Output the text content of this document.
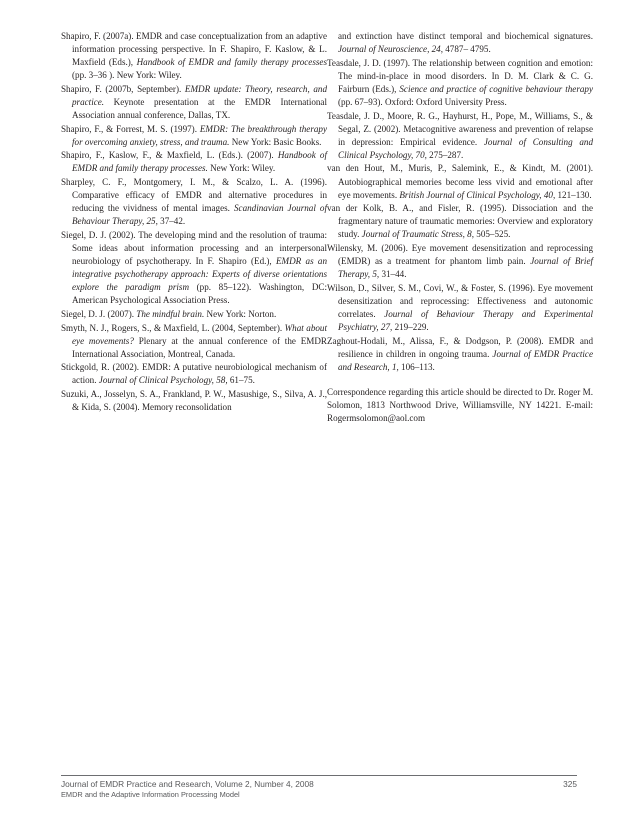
Shapiro, F. (2007a). EMDR and case conceptualization from an adaptive information processing perspective. In F. Shapiro, F. Kaslow, & L. Maxfield (Eds.), Handbook of EMDR and family therapy processes (pp. 3–36 ). New York: Wiley.

Shapiro, F. (2007b, September). EMDR update: Theory, research, and practice. Keynote presentation at the EMDR International Association annual conference, Dallas, TX.

Shapiro, F., & Forrest, M. S. (1997). EMDR: The breakthrough therapy for overcoming anxiety, stress, and trauma. New York: Basic Books.

Shapiro, F., Kaslow, F., & Maxfield, L. (Eds.). (2007). Handbook of EMDR and family therapy processes. New York: Wiley.

Sharpley, C. F., Montgomery, I. M., & Scalzo, L. A. (1996). Comparative efficacy of EMDR and alternative procedures in reducing the vividness of mental images. Scandinavian Journal of Behaviour Therapy, 25, 37–42.

Siegel, D. J. (2002). The developing mind and the resolution of trauma: Some ideas about information processing and an interpersonal neurobiology of psychotherapy. In F. Shapiro (Ed.), EMDR as an integrative psychotherapy approach: Experts of diverse orientations explore the paradigm prism (pp. 85–122). Washington, DC: American Psychological Association Press.

Siegel, D. J. (2007). The mindful brain. New York: Norton.

Smyth, N. J., Rogers, S., & Maxfield, L. (2004, September). What about eye movements? Plenary at the annual conference of the EMDR International Association, Montreal, Canada.

Stickgold, R. (2002). EMDR: A putative neurobiological mechanism of action. Journal of Clinical Psychology, 58, 61–75.

Suzuki, A., Josselyn, S. A., Frankland, P. W., Masushige, S., Silva, A. J., & Kida, S. (2004). Memory reconsolidation

and extinction have distinct temporal and biochemical signatures. Journal of Neuroscience, 24, 4787– 4795.

Teasdale, J. D. (1997). The relationship between cognition and emotion: The mind-in-place in mood disorders. In D. M. Clark & C. G. Fairburn (Eds.), Science and practice of cognitive behaviour therapy (pp. 67–93). Oxford: Oxford University Press.

Teasdale, J. D., Moore, R. G., Hayhurst, H., Pope, M., Williams, S., & Segal, Z. (2002). Metacognitive awareness and prevention of relapse in depression: Empirical evidence. Journal of Consulting and Clinical Psychology, 70, 275–287.

van den Hout, M., Muris, P., Salemink, E., & Kindt, M. (2001). Autobiographical memories become less vivid and emotional after eye movements. British Journal of Clinical Psychology, 40, 121–130.

van der Kolk, B. A., and Fisler, R. (1995). Dissociation and the fragmentary nature of traumatic memories: Overview and exploratory study. Journal of Traumatic Stress, 8, 505–525.

Wilensky, M. (2006). Eye movement desensitization and reprocessing (EMDR) as a treatment for phantom limb pain. Journal of Brief Therapy, 5, 31–44.

Wilson, D., Silver, S. M., Covi, W., & Foster, S. (1996). Eye movement desensitization and reprocessing: Effectiveness and autonomic correlates. Journal of Behaviour Therapy and Experimental Psychiatry, 27, 219–229.

Zaghout-Hodali, M., Alissa, F., & Dodgson, P. (2008). EMDR and resilience in children in ongoing trauma. Journal of EMDR Practice and Research, 1, 106–113.

Correspondence regarding this article should be directed to Dr. Roger M. Solomon, 1813 Northwood Drive, Williamsville, NY 14221. E-mail: Rogermsolomon@aol.com

Journal of EMDR Practice and Research, Volume 2, Number 4, 2008	325
EMDR and the Adaptive Information Processing Model
